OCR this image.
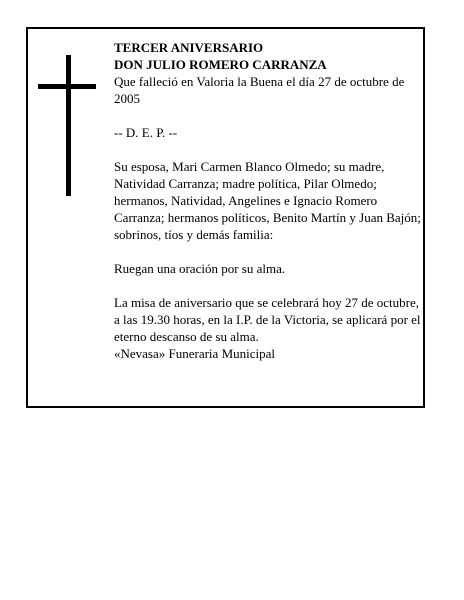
TERCER ANIVERSARIO

DON JULIO ROMERO CARRANZA

Que falleció en Valoria la Buena el día 27 de octubre de 2005

-- D. E. P. --

Su esposa, Mari Carmen Blanco Olmedo; su madre, Natividad Carranza; madre política, Pilar Olmedo; hermanos, Natividad, Angelines e Ignacio Romero Carranza; hermanos políticos, Benito Martín y Juan Bajón; sobrinos, tíos y demás familia:

Ruegan una oración por su alma.

La misa de aniversario que se celebrará hoy 27 de octubre, a las 19.30 horas, en la I.P. de la Victoria, se aplicará por el eterno descanso de su alma.

«Nevasa» Funeraria Municipal
